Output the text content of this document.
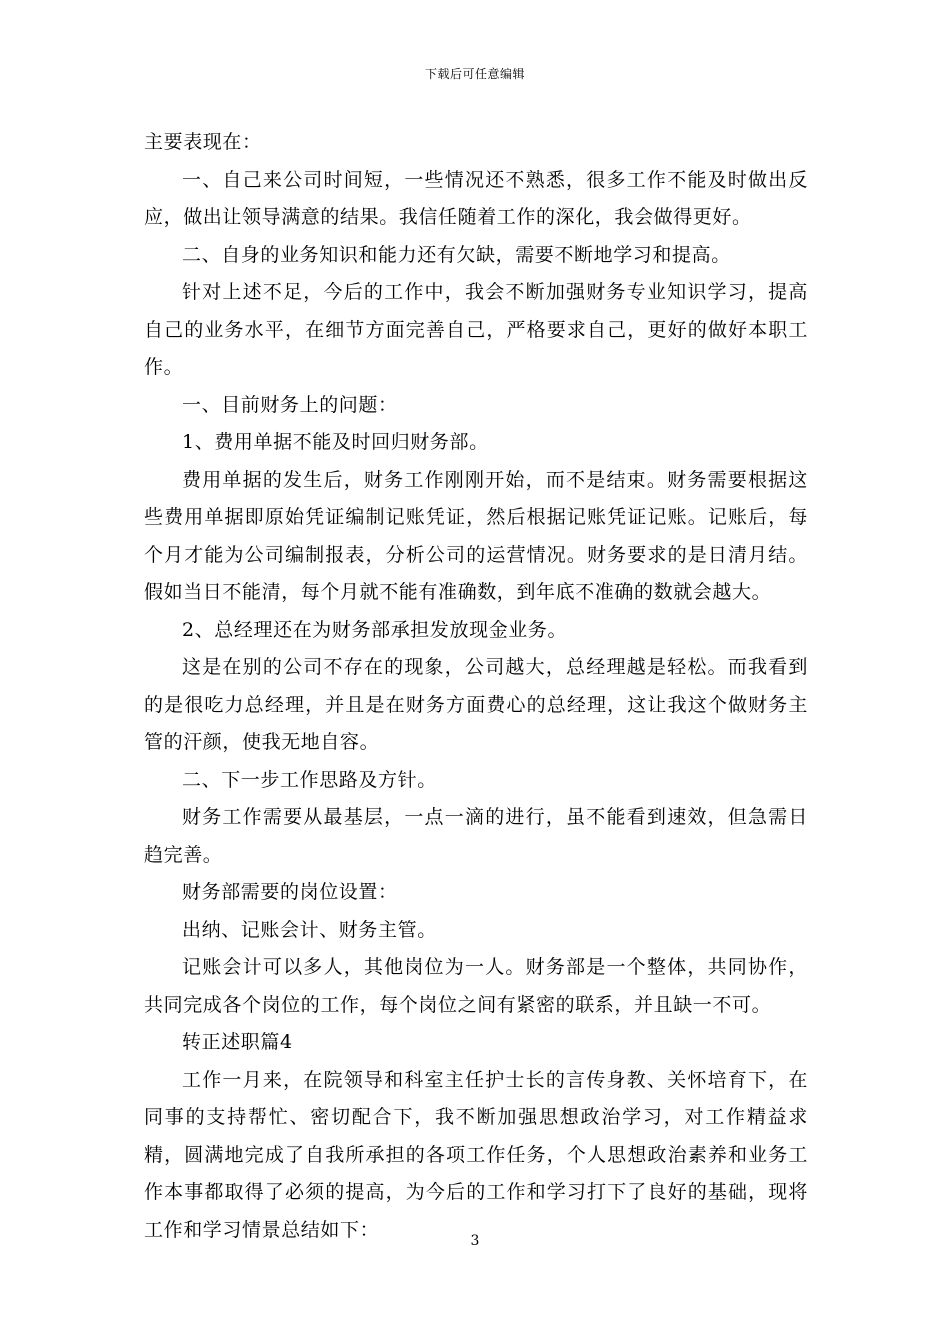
下载后可任意编辑

主要表现在：

一、自己来公司时间短，一些情况还不熟悉，很多工作不能及时做出反应，做出让领导满意的结果。我信任随着工作的深化，我会做得更好。

二、自身的业务知识和能力还有欠缺，需要不断地学习和提高。

针对上述不足，今后的工作中，我会不断加强财务专业知识学习，提高自己的业务水平，在细节方面完善自己，严格要求自己，更好的做好本职工作。

一、目前财务上的问题：

1、费用单据不能及时回归财务部。

费用单据的发生后，财务工作刚刚开始，而不是结束。财务需要根据这些费用单据即原始凭证编制记账凭证，然后根据记账凭证记账。记账后，每个月才能为公司编制报表，分析公司的运营情况。财务要求的是日清月结。假如当日不能清，每个月就不能有准确数，到年底不准确的数就会越大。

2、总经理还在为财务部承担发放现金业务。

这是在别的公司不存在的现象，公司越大，总经理越是轻松。而我看到的是很吃力总经理，并且是在财务方面费心的总经理，这让我这个做财务主管的汗颜，使我无地自容。

二、下一步工作思路及方针。

财务工作需要从最基层，一点一滴的进行，虽不能看到速效，但急需日趋完善。

财务部需要的岗位设置：

出纳、记账会计、财务主管。

记账会计可以多人，其他岗位为一人。财务部是一个整体，共同协作，共同完成各个岗位的工作，每个岗位之间有紧密的联系，并且缺一不可。

转正述职篇4

工作一月来，在院领导和科室主任护士长的言传身教、关怀培育下，在同事的支持帮忙、密切配合下，我不断加强思想政治学习，对工作精益求精，圆满地完成了自我所承担的各项工作任务，个人思想政治素养和业务工作本事都取得了必须的提高，为今后的工作和学习打下了良好的基础，现将工作和学习情景总结如下：

3
